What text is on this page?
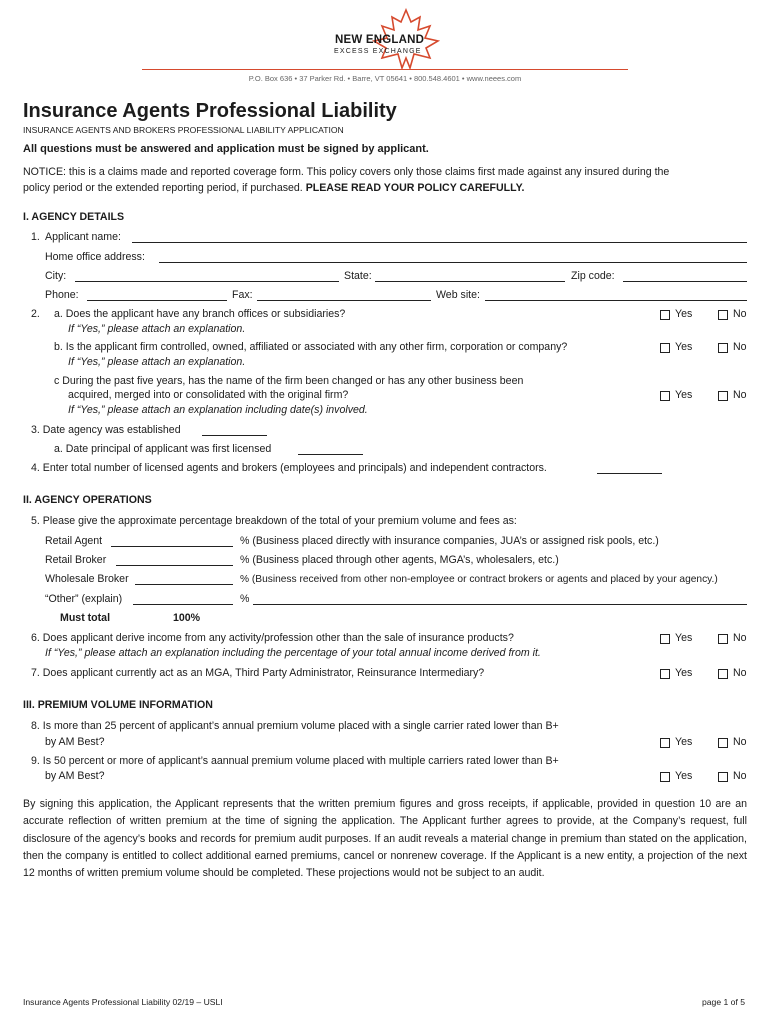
NEW ENGLAND
EXCESS EXCHANGE
P.O. Box 636 • 37 Parker Rd. • Barre, VT 05641 • 800.548.4601 • www.neees.com
Insurance Agents Professional Liability
INSURANCE AGENTS AND BROKERS PROFESSIONAL LIABILITY APPLICATION
All questions must be answered and application must be signed by applicant.
NOTICE: this is a claims made and reported coverage form. This policy covers only those claims first made against any insured during the
policy period or the extended reporting period, if purchased. PLEASE READ YOUR POLICY CAREFULLY.
I. AGENCY DETAILS
1. Applicant name:
Home office address:
City:	State:	Zip code:
Phone:	Fax:	Web site:
2. a. Does the applicant have any branch offices or subsidiaries?
If “Yes,” please attach an explanation.
Yes	No
b. Is the applicant firm controlled, owned, affiliated or associated with any other firm, corporation or company?
If “Yes,” please attach an explanation.
Yes	No
c During the past five years, has the name of the firm been changed or has any other business been
acquired, merged into or consolidated with the original firm?
If “Yes,” please attach an explanation including date(s) involved.
Yes	No
3. Date agency was established
a. Date principal of applicant was first licensed
4. Enter total number of licensed agents and brokers (employees and principals) and independent contractors.
II. AGENCY OPERATIONS
5. Please give the approximate percentage breakdown of the total of your premium volume and fees as:
Retail Agent	% (Business placed directly with insurance companies, JUA’s or assigned risk pools, etc.)
Retail Broker	% (Business placed through other agents, MGA’s, wholesalers, etc.)
Wholesale Broker	% (Business received from other non-employee or contract brokers or agents and placed by your agency.)
“Other” (explain)	%
Must total	100%
6. Does applicant derive income from any activity/profession other than the sale of insurance products?
If “Yes,” please attach an explanation including the percentage of your total annual income derived from it.
Yes	No
7. Does applicant currently act as an MGA, Third Party Administrator, Reinsurance Intermediary?	Yes	No
III. PREMIUM VOLUME INFORMATION
8. Is more than 25 percent of applicant’s annual premium volume placed with a single carrier rated lower than B+
by AM Best?	Yes	No
9. Is 50 percent or more of applicant’s aannual premium volume placed with multiple carriers rated lower than B+
by AM Best?	Yes	No
By signing this application, the Applicant represents that the written premium figures and gross receipts, if applicable, provided in question 10 are an accurate reflection of written premium at the time of signing the application. The Applicant further agrees to provide, at the Company’s request, full disclosure of the agency’s books and records for premium audit purposes. If an audit reveals a material change in premium than stated on the application, then the company is entitled to collect additional earned premiums, cancel or nonrenew coverage. If the Applicant is a new entity, a projection of the next 12 months of written premium volume should be completed. These projections would not be subject to an audit.
Insurance Agents Professional Liability 02/19 – USLI	page 1 of 5
